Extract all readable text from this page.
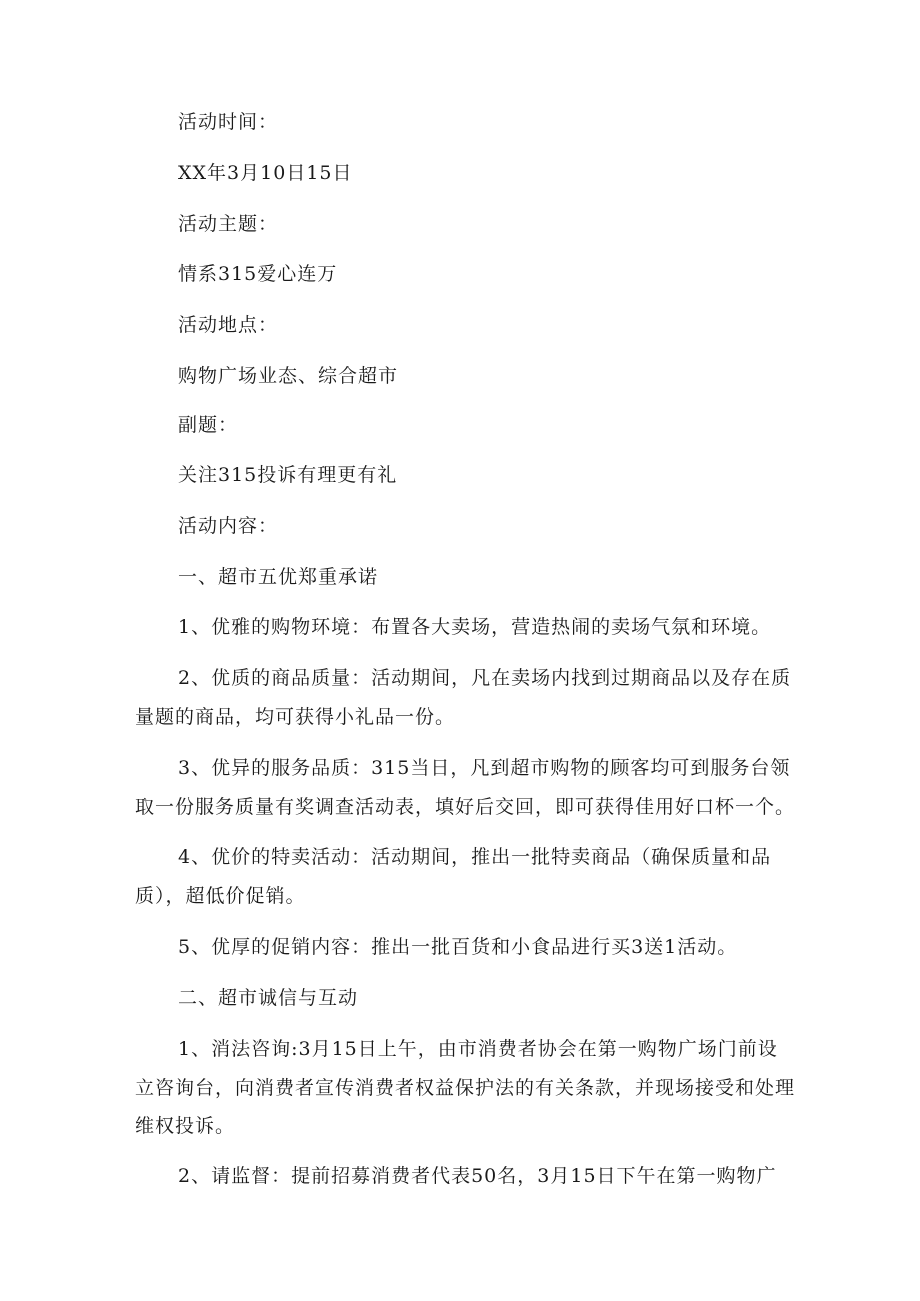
活动时间：
XX年3月10日15日
活动主题：
情系315爱心连万
活动地点：
购物广场业态、综合超市
副题：
关注315投诉有理更有礼
活动内容：
一、超市五优郑重承诺
1、优雅的购物环境：布置各大卖场，营造热闹的卖场气氛和环境。
2、优质的商品质量：活动期间，凡在卖场内找到过期商品以及存在质
量题的商品，均可获得小礼品一份。
3、优异的服务品质：315当日，凡到超市购物的顾客均可到服务台领
取一份服务质量有奖调查活动表，填好后交回，即可获得佳用好口杯一个。
4、优价的特卖活动：活动期间，推出一批特卖商品（确保质量和品
质），超低价促销。
5、优厚的促销内容：推出一批百货和小食品进行买3送1活动。
二、超市诚信与互动
1、消法咨询:3月15日上午，由市消费者协会在第一购物广场门前设
立咨询台，向消费者宣传消费者权益保护法的有关条款，并现场接受和处理
维权投诉。
2、请监督：提前招募消费者代表50名，3月15日下午在第一购物广
